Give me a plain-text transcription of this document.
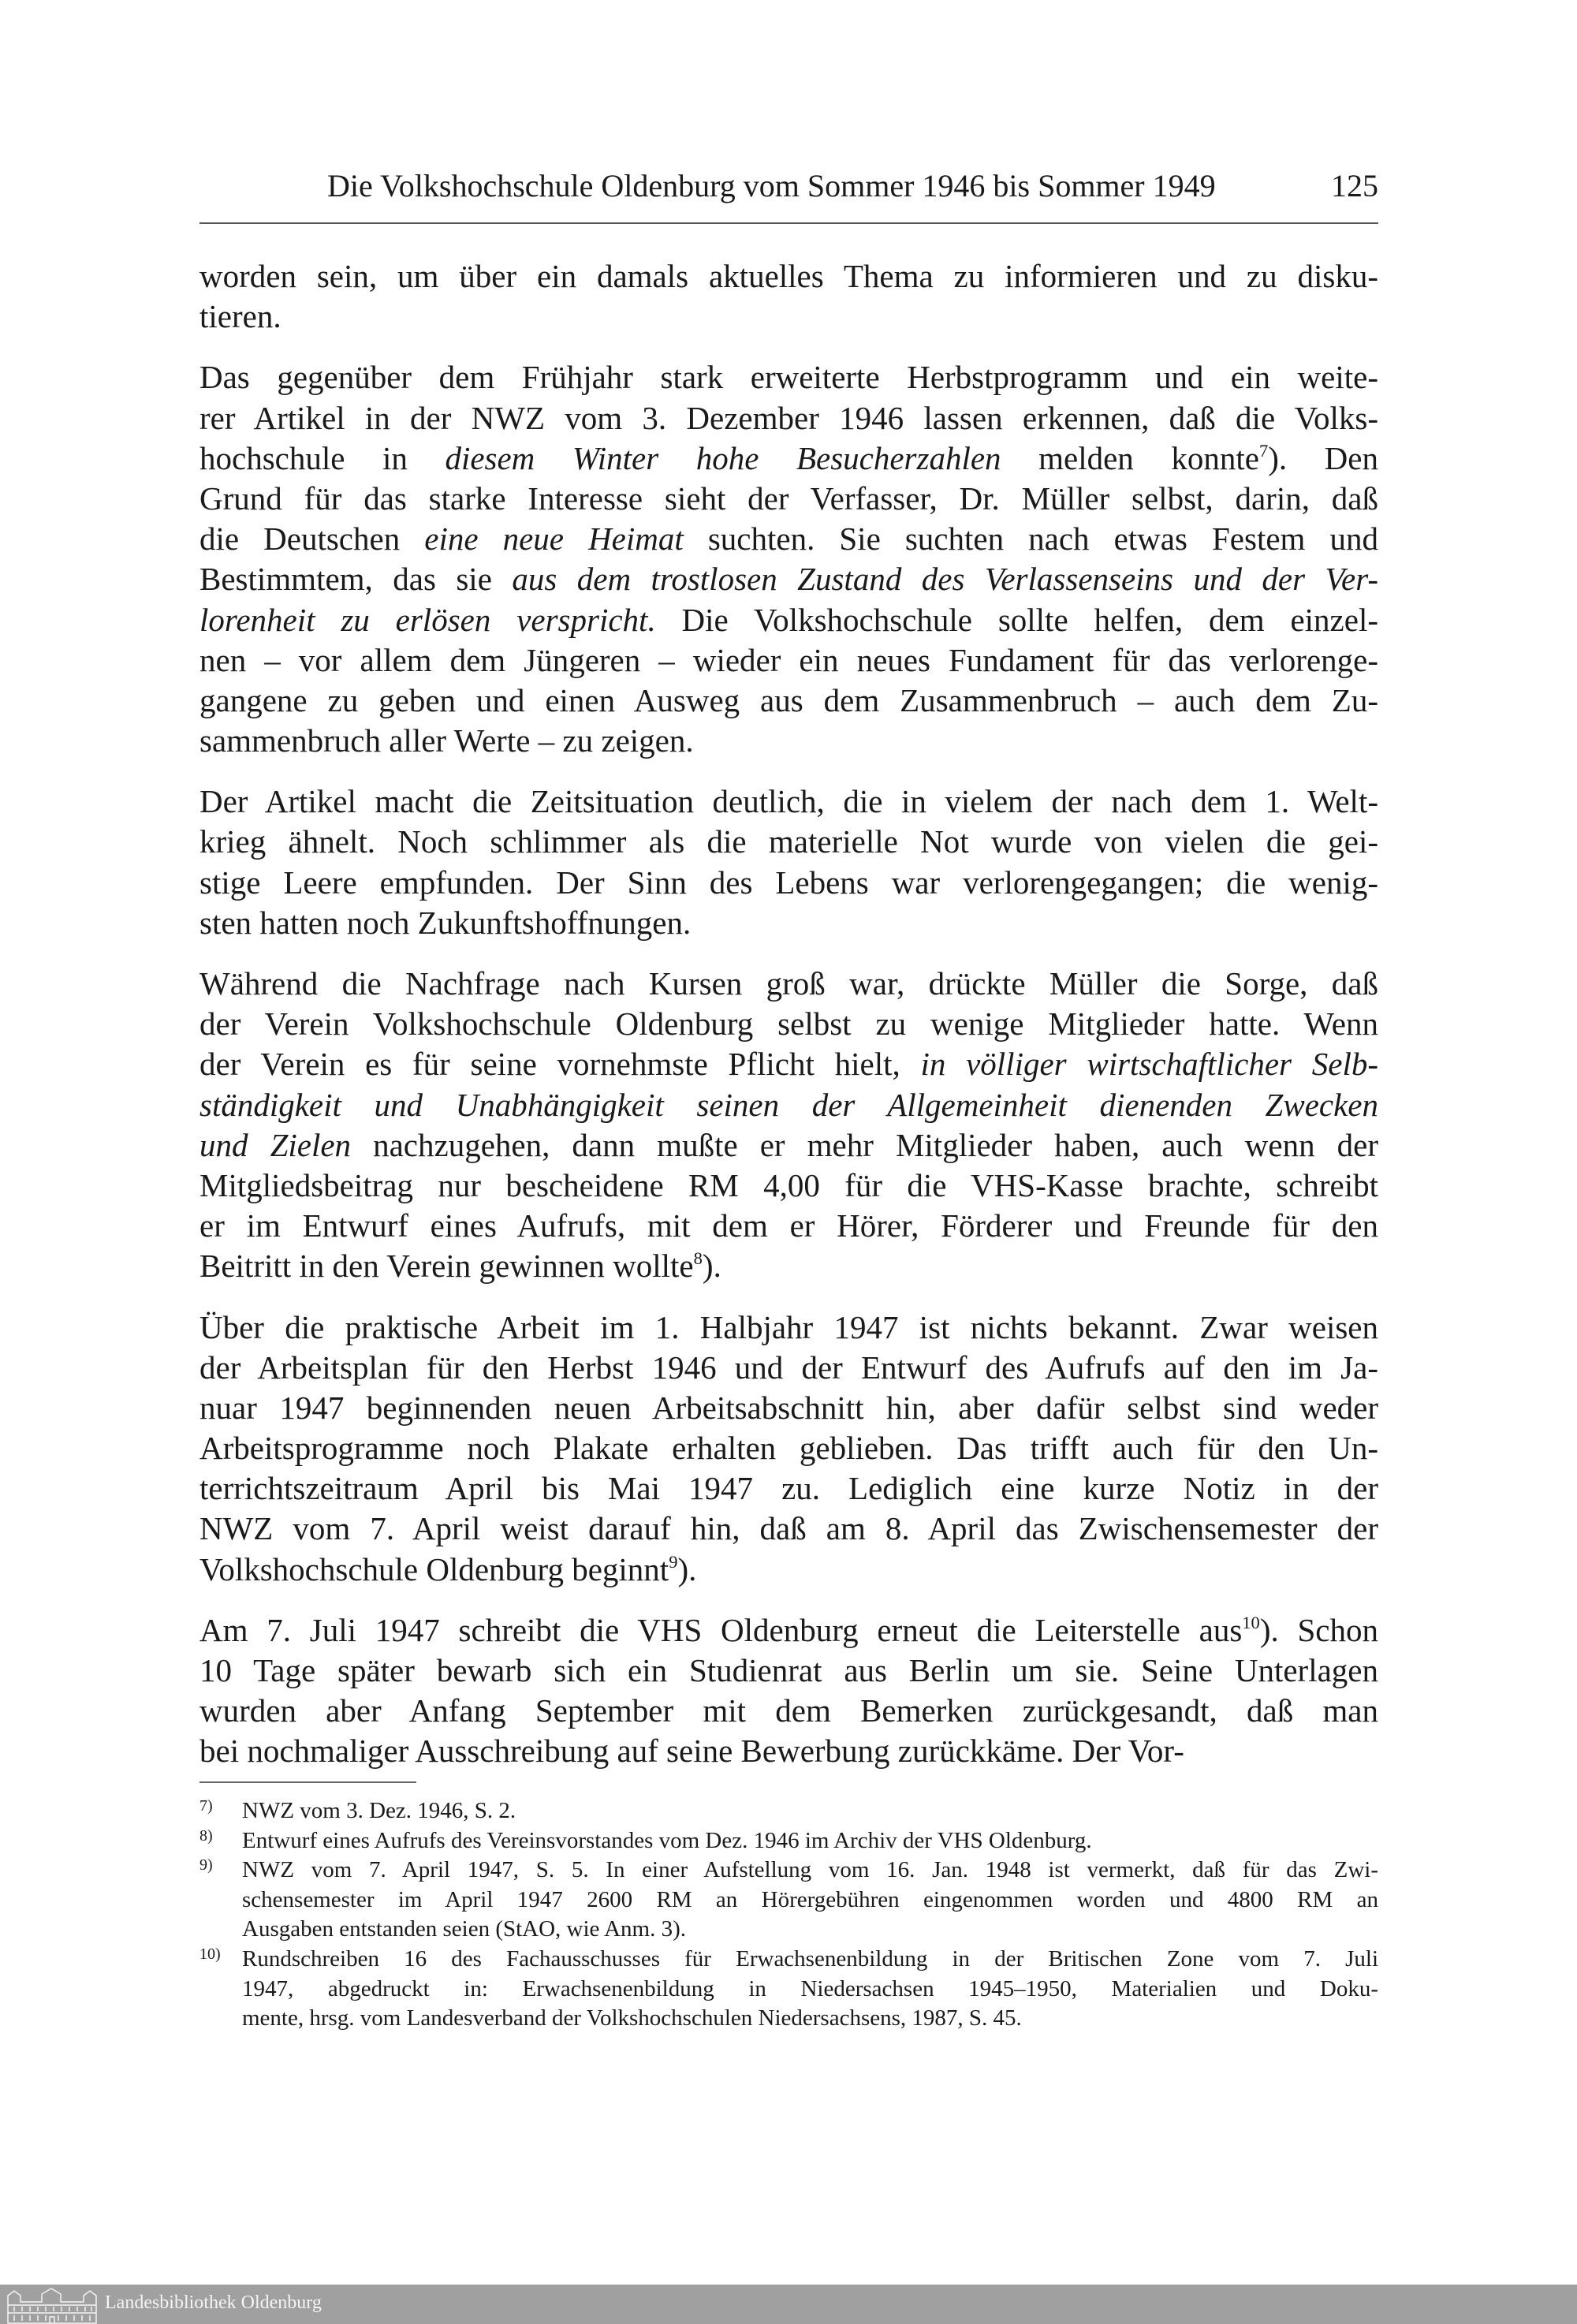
Die Volkshochschule Oldenburg vom Sommer 1946 bis Sommer 1949	125
worden sein, um über ein damals aktuelles Thema zu informieren und zu disku-
tieren.
Das gegenüber dem Frühjahr stark erweiterte Herbstprogramm und ein weite-
rer Artikel in der NWZ vom 3. Dezember 1946 lassen erkennen, daß die Volks-
hochschule in diesem Winter hohe Besucherzahlen melden konnte$^7$). Den
Grund für das starke Interesse sieht der Verfasser, Dr. Müller selbst, darin, daß
die Deutschen eine neue Heimat suchten. Sie suchten nach etwas Festem und
Bestimmtem, das sie aus dem trostlosen Zustand des Verlassenseins und der Ver-
lorenheit zu erlösen verspricht. Die Volkshochschule sollte helfen, dem einzel-
nen – vor allem dem Jüngeren – wieder ein neues Fundament für das verlorenge-
gangene zu geben und einen Ausweg aus dem Zusammenbruch – auch dem Zu-
sammenbruch aller Werte – zu zeigen.
Der Artikel macht die Zeitsituation deutlich, die in vielem der nach dem 1. Welt-
krieg ähnelt. Noch schlimmer als die materielle Not wurde von vielen die gei-
stige Leere empfunden. Der Sinn des Lebens war verlorengegangen; die wenig-
sten hatten noch Zukunftshoffnungen.
Während die Nachfrage nach Kursen groß war, drückte Müller die Sorge, daß
der Verein Volkshochschule Oldenburg selbst zu wenige Mitglieder hatte. Wenn
der Verein es für seine vornehmste Pflicht hielt, in völliger wirtschaftlicher Selb-
ständigkeit und Unabhängigkeit seinen der Allgemeinheit dienenden Zwecken
und Zielen nachzugehen, dann mußte er mehr Mitglieder haben, auch wenn der
Mitgliedsbeitrag nur bescheidene RM 4,00 für die VHS-Kasse brachte, schreibt
er im Entwurf eines Aufrufs, mit dem er Hörer, Förderer und Freunde für den
Beitritt in den Verein gewinnen wollte$^8$).
Über die praktische Arbeit im 1. Halbjahr 1947 ist nichts bekannt. Zwar weisen
der Arbeitsplan für den Herbst 1946 und der Entwurf des Aufrufs auf den im Ja-
nuar 1947 beginnenden neuen Arbeitsabschnitt hin, aber dafür selbst sind weder
Arbeitsprogramme noch Plakate erhalten geblieben. Das trifft auch für den Un-
terrichtszeitraum April bis Mai 1947 zu. Lediglich eine kurze Notiz in der
NWZ vom 7. April weist darauf hin, daß am 8. April das Zwischensemester der
Volkshochschule Oldenburg beginnt$^9$).
Am 7. Juli 1947 schreibt die VHS Oldenburg erneut die Leiterstelle aus$^{10}$). Schon
10 Tage später bewarb sich ein Studienrat aus Berlin um sie. Seine Unterlagen
wurden aber Anfang September mit dem Bemerken zurückgesandt, daß man
bei nochmaliger Ausschreibung auf seine Bewerbung zurückkäme. Der Vor-
7)	NWZ vom 3. Dez. 1946, S. 2.
8)	Entwurf eines Aufrufs des Vereinsvorstandes vom Dez. 1946 im Archiv der VHS Oldenburg.
9)	NWZ vom 7. April 1947, S. 5. In einer Aufstellung vom 16. Jan. 1948 ist vermerkt, daß für das Zwi-
schensemester im April 1947 2600 RM an Hörergebühren eingenommen worden und 4800 RM an
Ausgaben entstanden seien (StAO, wie Anm. 3).
10) Rundschreiben 16 des Fachausschusses für Erwachsenenbildung in der Britischen Zone vom 7. Juli
1947, abgedruckt in: Erwachsenenbildung in Niedersachsen 1945–1950, Materialien und Doku-
mente, hrsg. vom Landesverband der Volkshochschulen Niedersachsens, 1987, S. 45.
Landesbibliothek Oldenburg
